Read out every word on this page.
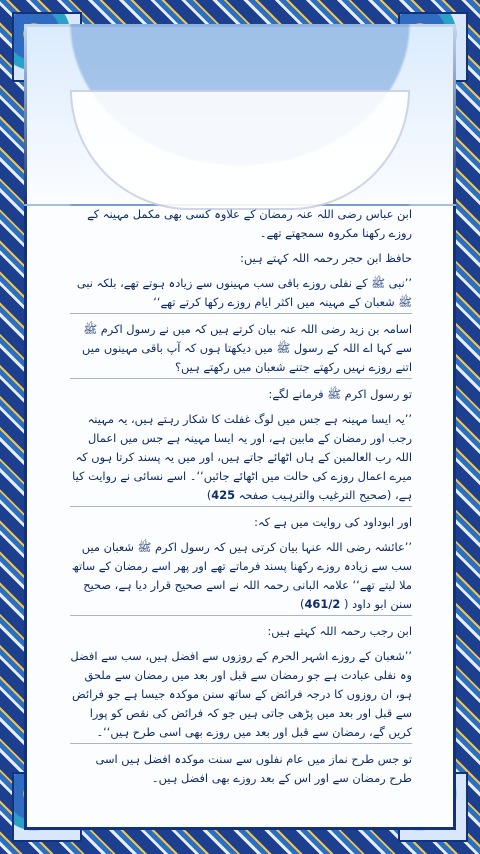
ابن عباس رضی اللہ عنہ رمضان کے علاوہ کسی بھی مکمل مہینہ کے روزے رکھنا مکروہ سمجھتے تھے۔

حافظ ابن حجر رحمہ اللہ کہتے ہیں:

’’نبی ﷺ کے نفلی روزے باقی سب مہینوں سے زیادہ ہوتے تھے، بلکہ نبی ﷺ شعبان کے مہینہ میں اکثر ایام روزے رکھا کرتے تھے‘‘

اسامہ بن زید رضی اللہ عنہ بیان کرتے ہیں کہ میں نے رسول اکرم ﷺ سے کہا اے اللہ کے رسول ﷺ میں دیکھتا ہوں کہ آپ باقی مہینوں میں اتنے روزے نہیں رکھتے جتنے شعبان میں رکھتے ہیں؟

تو رسول اکرم ﷺ فرمانے لگے:

’’یہ ایسا مہینہ ہے جس میں لوگ غفلت کا شکار رہتے ہیں، یہ مہینہ رجب اور رمضان کے مابین ہے، اور یہ ایسا مہینہ ہے جس میں اعمال اللہ رب العالمین کے ہاں اٹھائے جاتے ہیں، اور میں یہ پسند کرتا ہوں کہ میرے اعمال روزے کی حالت میں اٹھائے جائیں‘‘۔ اسے نسائی نے روایت کیا ہے، (صحیح الترغیب والترہیب صفحہ 425)

اور ابوداود کی روایت میں ہے کہ:

’’عائشہ رضی اللہ عنہا بیان کرتی ہیں کہ رسول اکرم ﷺ شعبان میں سب سے زیادہ روزے رکھنا پسند فرماتے تھے اور پھر اسے رمضان کے ساتھ ملا لیتے تھے‘‘ علامہ البانی رحمہ اللہ نے اسے صحیح قرار دیا ہے، صحیح سنن ابو داود ( 461/2)

ابن رجب رحمہ اللہ کہتے ہیں:

’’شعبان کے روزے اشہر الحرم کے روزوں سے افضل ہیں، سب سے افضل وہ نفلی عبادت ہے جو رمضان سے قبل اور بعد میں رمضان سے ملحق ہو، ان روزوں کا درجہ فرائض کے ساتھ سنن موکدہ جیسا ہے جو فرائض سے قبل اور بعد میں پڑھی جاتی ہیں جو کہ فرائض کی نقص کو پورا کریں گے، رمضان سے قبل اور بعد میں روزے بھی اسی طرح ہیں‘‘۔

تو جس طرح نماز میں عام نفلوں سے سنت موکدہ افضل ہیں اسی طرح رمضان سے اور اس کے بعد روزے بھی افضل ہیں۔
